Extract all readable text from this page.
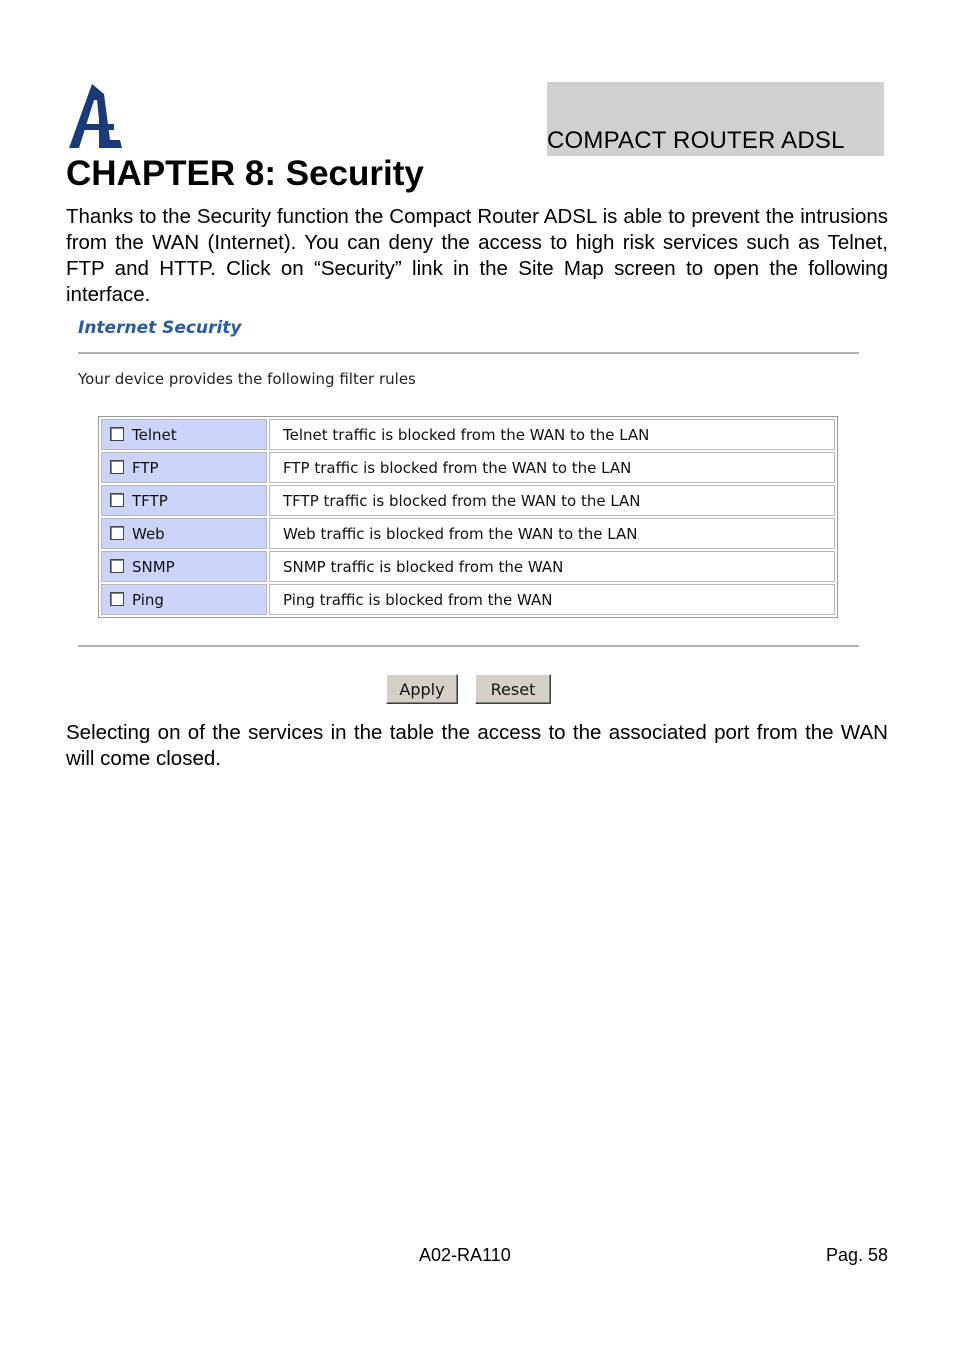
COMPACT ROUTER ADSL
CHAPTER 8: Security

Thanks to the Security function the Compact Router ADSL is able to prevent the intrusions from the WAN (Internet). You can deny the access to high risk services such as Telnet, FTP and HTTP. Click on “Security” link in the Site Map screen to open the following interface.

Internet Security
Your device provides the following filter rules
Telnet	Telnet traffic is blocked from the WAN to the LAN
FTP	FTP traffic is blocked from the WAN to the LAN
TFTP	TFTP traffic is blocked from the WAN to the LAN
Web	Web traffic is blocked from the WAN to the LAN
SNMP	SNMP traffic is blocked from the WAN
Ping	Ping traffic is blocked from the WAN
Apply	Reset

Selecting on of the services in the table the access to the associated port from the WAN will come closed.

A02-RA110	Pag. 58
